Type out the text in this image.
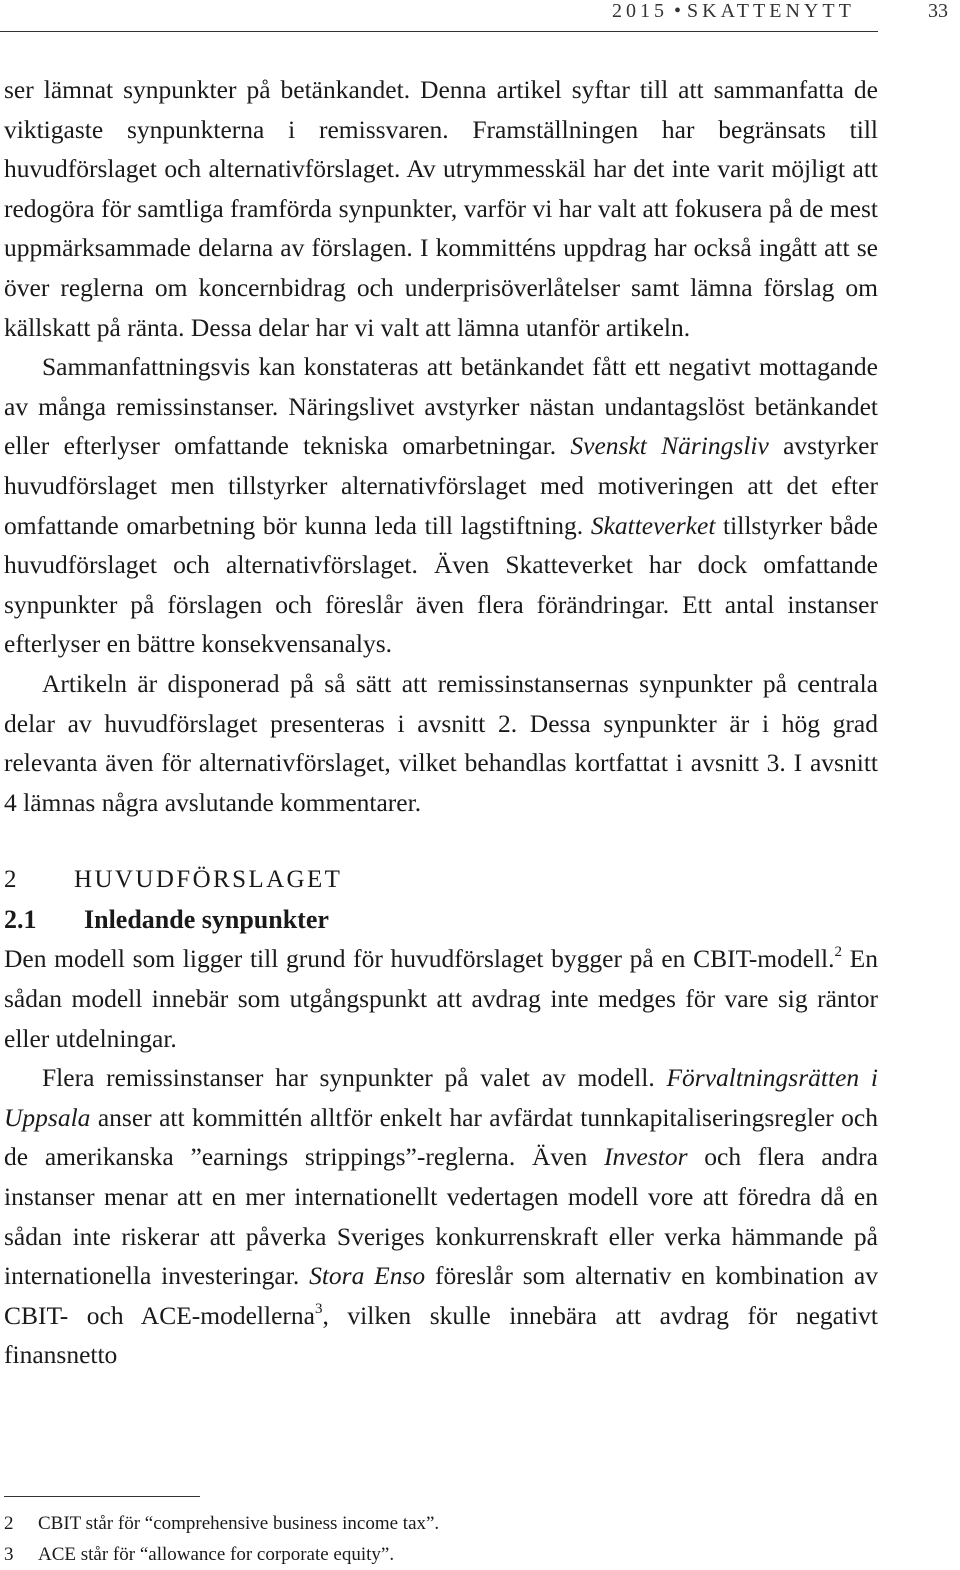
2015 • SKATTENYTT	33

ser lämnat synpunkter på betänkandet. Denna artikel syftar till att sammanfatta de viktigaste synpunkterna i remissvaren. Framställningen har begränsats till huvudförslaget och alternativförslaget. Av utrymmesskäl har det inte varit möjligt att redogöra för samtliga framförda synpunkter, varför vi har valt att fokusera på de mest uppmärksammade delarna av förslagen. I kommitténs uppdrag har också ingått att se över reglerna om koncernbidrag och underprisöverlåtelser samt lämna förslag om källskatt på ränta. Dessa delar har vi valt att lämna utanför artikeln.

Sammanfattningsvis kan konstateras att betänkandet fått ett negativt mottagande av många remissinstanser. Näringslivet avstyrker nästan undantagslöst betänkandet eller efterlyser omfattande tekniska omarbetningar. Svenskt Näringsliv avstyrker huvudförslaget men tillstyrker alternativförslaget med motiveringen att det efter omfattande omarbetning bör kunna leda till lagstiftning. Skatteverket tillstyrker både huvudförslaget och alternativförslaget. Även Skatteverket har dock omfattande synpunkter på förslagen och föreslår även flera förändringar. Ett antal instanser efterlyser en bättre konsekvensanalys.

Artikeln är disponerad på så sätt att remissinstansernas synpunkter på centrala delar av huvudförslaget presenteras i avsnitt 2. Dessa synpunkter är i hög grad relevanta även för alternativförslaget, vilket behandlas kortfattat i avsnitt 3. I avsnitt 4 lämnas några avslutande kommentarer.

2 HUVUDFÖRSLAGET
2.1 Inledande synpunkter

Den modell som ligger till grund för huvudförslaget bygger på en CBIT-modell.$^2$ En sådan modell innebär som utgångspunkt att avdrag inte medges för vare sig räntor eller utdelningar.

Flera remissinstanser har synpunkter på valet av modell. Förvaltningsrätten i Uppsala anser att kommittén alltför enkelt har avfärdat tunnkapitaliseringsregler och de amerikanska ”earnings strippings”-reglerna. Även Investor och flera andra instanser menar att en mer internationellt vedertagen modell vore att föredra då en sådan inte riskerar att påverka Sveriges konkurrenskraft eller verka hämmande på internationella investeringar. Stora Enso föreslår som alternativ en kombination av CBIT- och ACE-modellerna$^3$, vilken skulle innebära att avdrag för negativt finansnetto

2 CBIT står för “comprehensive business income tax”.
3 ACE står för “allowance for corporate equity”.
